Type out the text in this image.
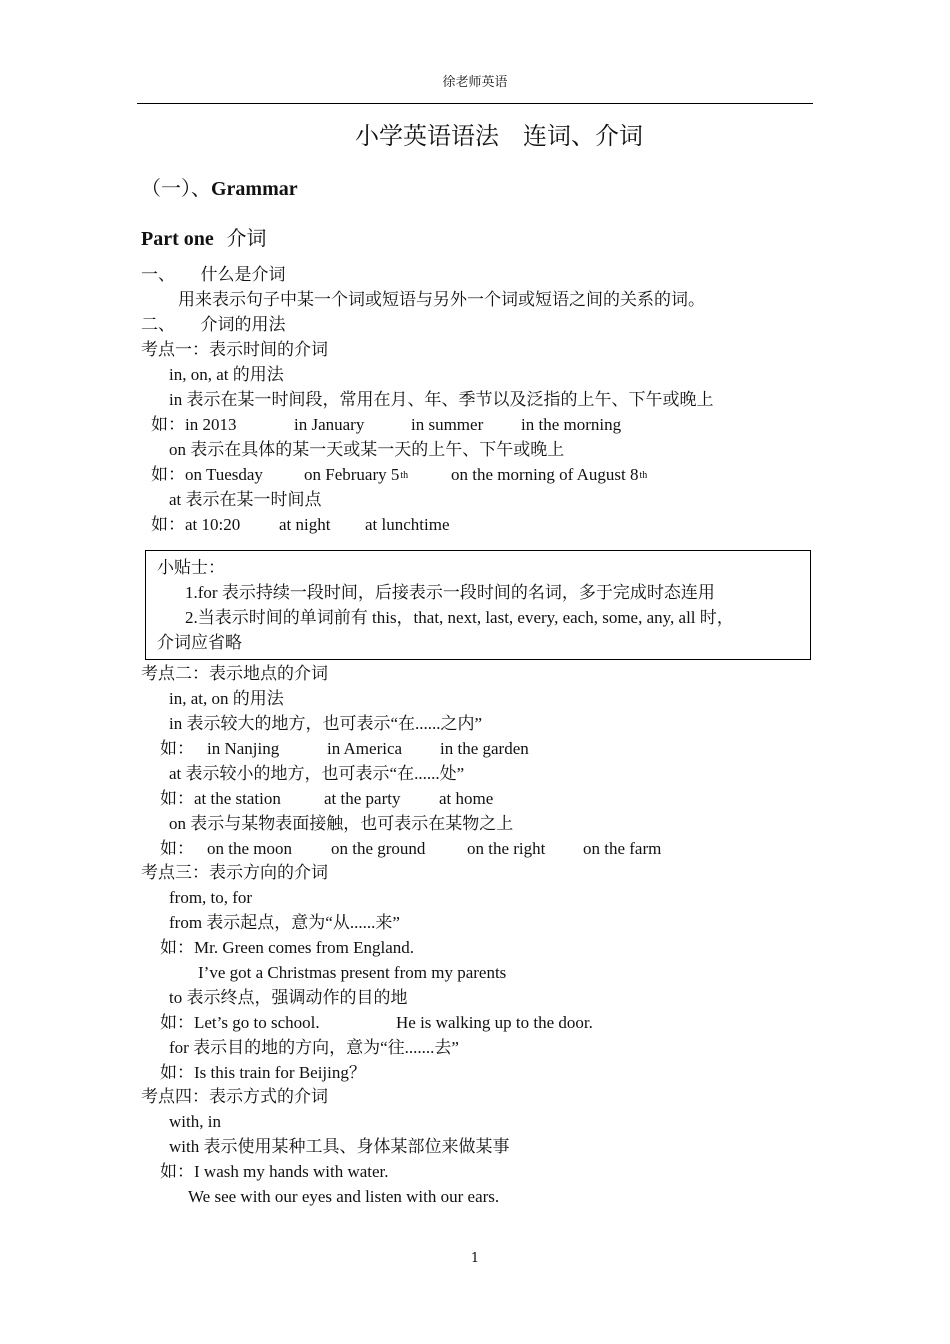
徐老师英语
小学英语语法　连词、介词
（一）、Grammar
Part one 介词
一、　　什么是介词
用来表示句子中某一个词或短语与另外一个词或短语之间的关系的词。
二、　　介词的用法
考点一：表示时间的介词
in, on, at 的用法
in 表示在某一时间段，常用在月、年、季节以及泛指的上午、下午或晚上
如：in 2013	in January	in summer in the morning
on 表示在具体的某一天或某一天的上午、下午或晚上
如：on Tuesday on February 5th	on the morning of August 8th
at 表示在某一时间点
如：at 10:20 at night at lunchtime
小贴士：
1.for 表示持续一段时间，后接表示一段时间的名词，多于完成时态连用
2.当表示时间的单词前有 this，that, next, last, every, each, some, any, all 时，
介词应省略
考点二：表示地点的介词
in, at, on 的用法
in 表示较大的地方，也可表示“在......之内”
如： in Nanjing	in America in the garden
at 表示较小的地方，也可表示“在......处”
如：at the station	at the party at home
on 表示与某物表面接触，也可表示在某物之上
如： on the moon on the ground on the right on the farm
考点三：表示方向的介词
from, to, for
from 表示起点，意为“从......来”
如：Mr. Green comes from England.
I’ve got a Christmas present from my parents
to 表示终点，强调动作的目的地
如：Let’s go to school.	He is walking up to the door.
for 表示目的地的方向，意为“往.......去”
如：Is this train for Beijing？
考点四：表示方式的介词
with, in
with 表示使用某种工具、身体某部位来做某事
如：I wash my hands with water.
We see with our eyes and listen with our ears.
1
